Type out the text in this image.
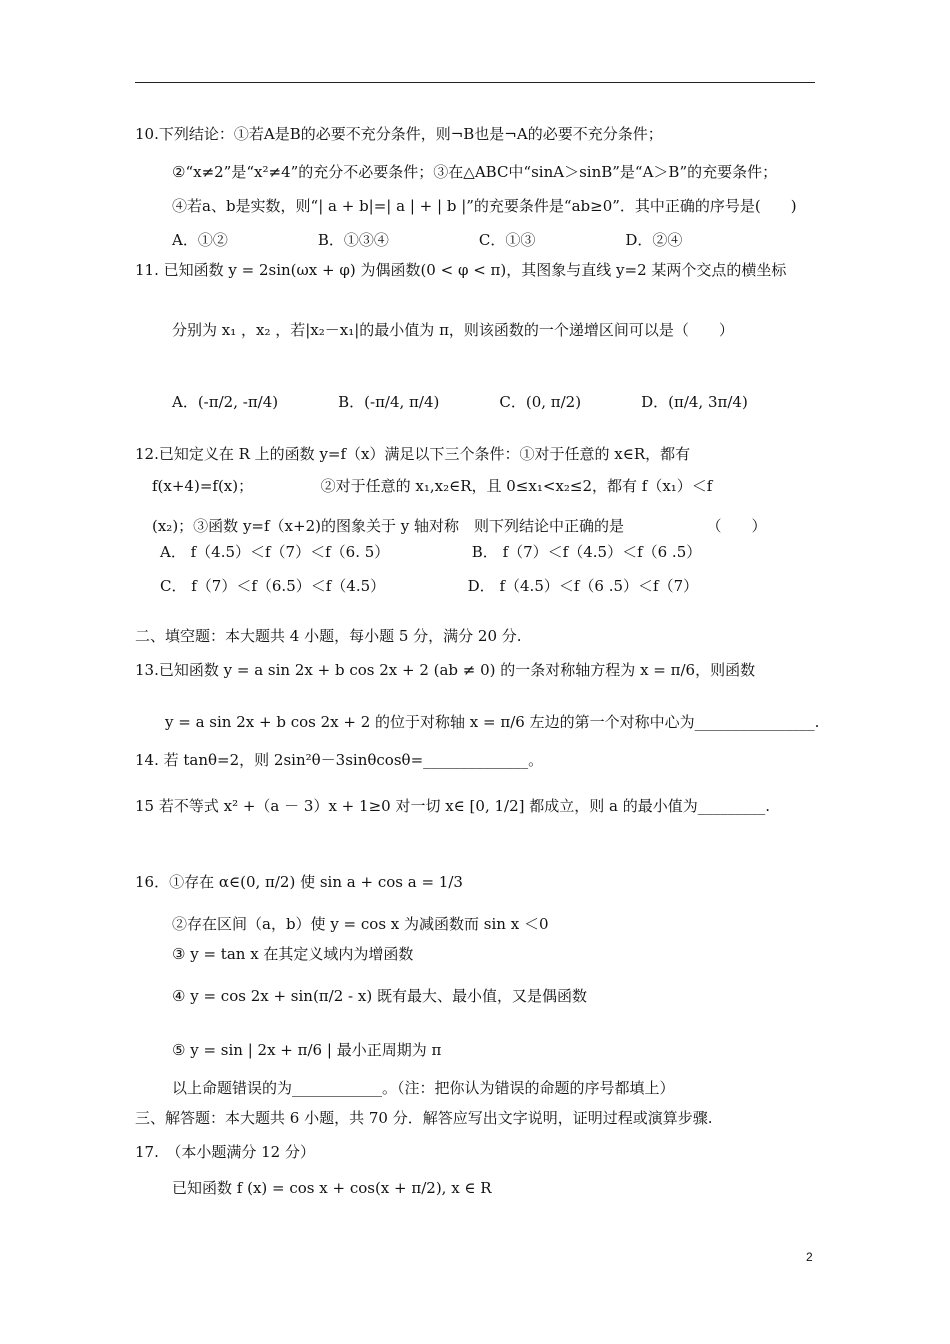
10.下列结论：①若A是B的必要不充分条件，则¬B也是¬A的必要不充分条件；
②“x≠2”是“x²≠4”的充分不必要条件；③在△ABC中“sinA＞sinB”是“A＞B”的充要条件；
④若a、b是实数，则“| a + b|=| a | + | b |”的充要条件是“ab≥0”．其中正确的序号是(　　)
A．①②　　　　　　B．①③④　　　　　　C．①③　　　　　　D．②④
11. 已知函数 y = 2sin(ωx + φ) 为偶函数(0 < φ < π)，其图象与直线 y=2 某两个交点的横坐标
分别为 x₁ ，x₂ ，若|x₂－x₁|的最小值为 π，则该函数的一个递增区间可以是（　　）
A．(-π/2, -π/4)　　　　B．(-π/4, π/4)　　　　C．(0, π/2)　　　　D．(π/4, 3π/4)
12.已知定义在 R 上的函数 y=f（x）满足以下三个条件：①对于任意的 x∈R，都有
f(x+4)=f(x)；　　　　　②对于任意的 x₁,x₂∈R，且 0≤x₁<x₂≤2，都有 f（x₁）＜f
(x₂)；③函数 y=f（x+2)的图象关于 y 轴对称　则下列结论中正确的是　　　　　　（　　）
A． f（4.5）＜f（7）＜f（6. 5）　　　　　　B． f（7）＜f（4.5）＜f（6 .5）
C． f（7）＜f（6.5）＜f（4.5）　　　　　　D． f（4.5）＜f（6 .5）＜f（7）
二、填空题：本大题共 4 小题，每小题 5 分，满分 20 分.
13.已知函数 y = a sin 2x + b cos 2x + 2 (ab ≠ 0) 的一条对称轴方程为 x = π/6，则函数
y = a sin 2x + b cos 2x + 2 的位于对称轴 x = π/6 左边的第一个对称中心为________________.
14. 若 tanθ=2，则 2sin²θ－3sinθcosθ=______________。
15 若不等式 x² +（a － 3）x + 1≥0 对一切 x∈ [0, 1/2] 都成立，则 a 的最小值为_________.
16．①存在 α∈(0, π/2) 使 sin a + cos a = 1/3
②存在区间（a，b）使 y = cos x 为减函数而 sin x ＜0
③ y = tan x 在其定义域内为增函数
④ y = cos 2x + sin(π/2 - x) 既有最大、最小值，又是偶函数
⑤ y = sin | 2x + π/6 | 最小正周期为 π
以上命题错误的为____________。（注：把你认为错误的命题的序号都填上）
三、解答题：本大题共 6 小题，共 70 分．解答应写出文字说明，证明过程或演算步骤.
17.　（本小题满分 12 分）
已知函数 f (x) = cos x + cos(x + π/2), x ∈ R
2
